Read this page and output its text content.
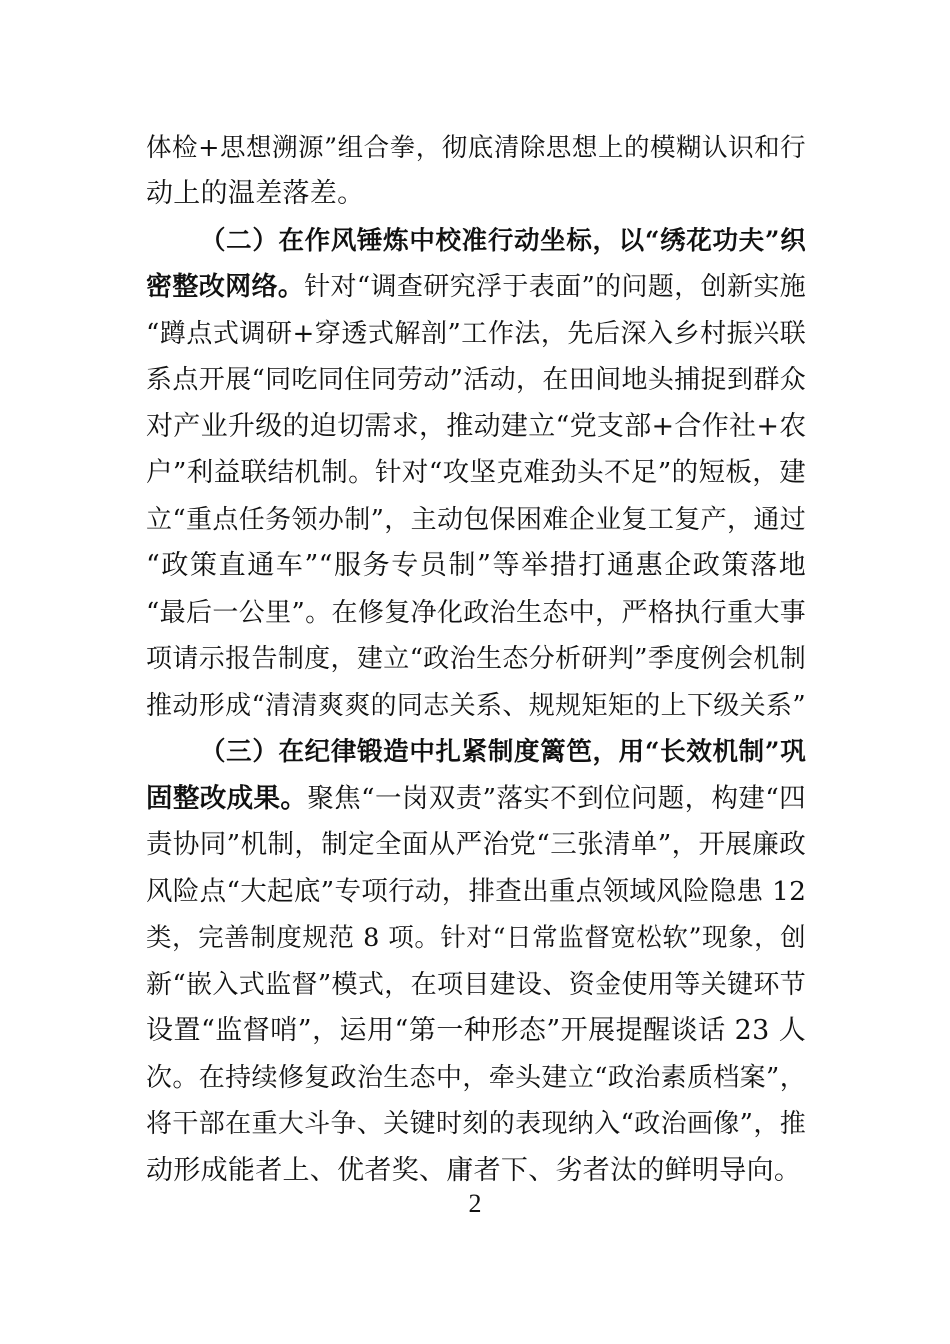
体检+思想溯源”组合拳，彻底清除思想上的模糊认识和行
动上的温差落差。
（二）在作风锤炼中校准行动坐标，以“绣花功夫”织
密整改网络。针对“调查研究浮于表面”的问题，创新实施
“蹲点式调研+穿透式解剖”工作法，先后深入乡村振兴联
系点开展“同吃同住同劳动”活动，在田间地头捕捉到群众
对产业升级的迫切需求，推动建立“党支部+合作社+农
户”利益联结机制。针对“攻坚克难劲头不足”的短板，建
立“重点任务领办制”，主动包保困难企业复工复产，通过
“政策直通车”“服务专员制”等举措打通惠企政策落地
“最后一公里”。在修复净化政治生态中，严格执行重大事
项请示报告制度，建立“政治生态分析研判”季度例会机制
推动形成“清清爽爽的同志关系、规规矩矩的上下级关系”
（三）在纪律锻造中扎紧制度篱笆，用“长效机制”巩
固整改成果。聚焦“一岗双责”落实不到位问题，构建“四
责协同”机制，制定全面从严治党“三张清单”，开展廉政
风险点“大起底”专项行动，排查出重点领域风险隐患 12
类，完善制度规范 8 项。针对“日常监督宽松软”现象，创
新“嵌入式监督”模式，在项目建设、资金使用等关键环节
设置“监督哨”，运用“第一种形态”开展提醒谈话 23 人
次。在持续修复政治生态中，牵头建立“政治素质档案”，
将干部在重大斗争、关键时刻的表现纳入“政治画像”，推
动形成能者上、优者奖、庸者下、劣者汰的鲜明导向。
2
